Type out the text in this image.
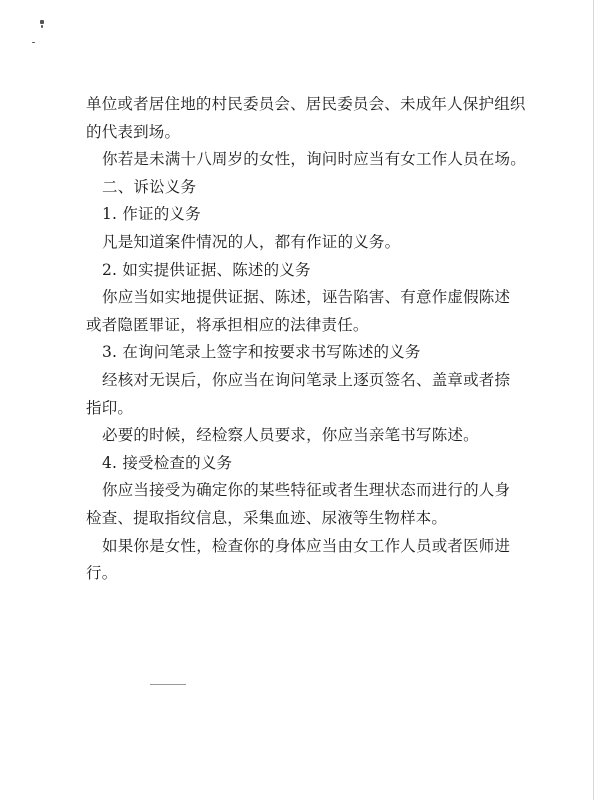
单位或者居住地的村民委员会、居民委员会、未成年人保护组织
的代表到场。
你若是未满十八周岁的女性，询问时应当有女工作人员在场。
二、诉讼义务
1. 作证的义务
凡是知道案件情况的人，都有作证的义务。
2. 如实提供证据、陈述的义务
你应当如实地提供证据、陈述，诬告陷害、有意作虚假陈述
或者隐匿罪证，将承担相应的法律责任。
3. 在询问笔录上签字和按要求书写陈述的义务
经核对无误后，你应当在询问笔录上逐页签名、盖章或者捺
指印。
必要的时候，经检察人员要求，你应当亲笔书写陈述。
4. 接受检查的义务
你应当接受为确定你的某些特征或者生理状态而进行的人身
检查、提取指纹信息，采集血迹、尿液等生物样本。
如果你是女性，检查你的身体应当由女工作人员或者医师进
行。
